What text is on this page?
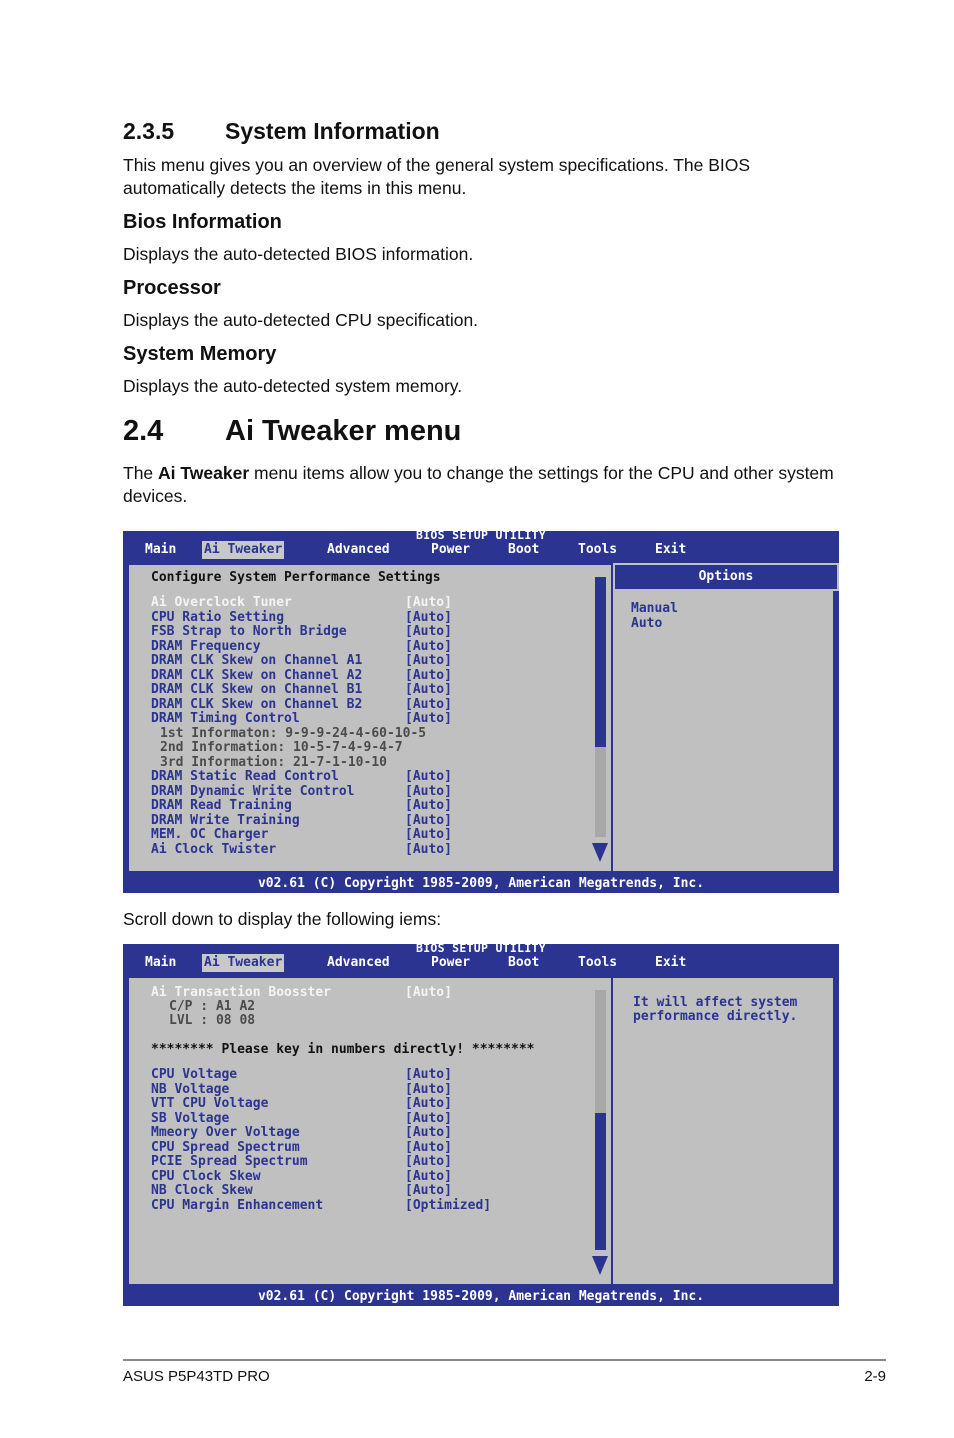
2.3.5 System Information

This menu gives you an overview of the general system specifications. The BIOS
automatically detects the items in this menu.

Bios Information

Displays the auto-detected BIOS information.

Processor

Displays the auto-detected CPU specification.

System Memory

Displays the auto-detected system memory.

2.4 Ai Tweaker menu

The Ai Tweaker menu items allow you to change the settings for the CPU and other system
devices.

BIOS SETUP UTILITY
Main Ai Tweaker	Advanced	Power	Boot	Tools	Exit
Configure System Performance Settings
Ai Overclock Tuner	[Auto]
CPU Ratio Setting	[Auto]
FSB Strap to North Bridge	[Auto]
DRAM Frequency	[Auto]
DRAM CLK Skew on Channel A1	[Auto]
DRAM CLK Skew on Channel A2	[Auto]
DRAM CLK Skew on Channel B1	[Auto]
DRAM CLK Skew on Channel B2	[Auto]
DRAM Timing Control	[Auto]
1st Informaton: 9-9-9-24-4-60-10-5
2nd Information: 10-5-7-4-9-4-7
3rd Information: 21-7-1-10-10
DRAM Static Read Control	[Auto]
DRAM Dynamic Write Control	[Auto]
DRAM Read Training	[Auto]
DRAM Write Training	[Auto]
MEM. OC Charger	[Auto]
Ai Clock Twister	[Auto]
Options
Manual
Auto
v02.61 (C) Copyright 1985-2009, American Megatrends, Inc.

Scroll down to display the following iems:

BIOS SETUP UTILITY
Main Ai Tweaker	Advanced	Power	Boot	Tools	Exit
Ai Transaction Boosster	[Auto]
C/P : A1 A2
LVL : 08 08
******** Please key in numbers directly! ********
CPU Voltage	[Auto]
NB Voltage	[Auto]
VTT CPU Voltage	[Auto]
SB Voltage	[Auto]
Mmeory Over Voltage	[Auto]
CPU Spread Spectrum	[Auto]
PCIE Spread Spectrum	[Auto]
CPU Clock Skew	[Auto]
NB Clock Skew	[Auto]
CPU Margin Enhancement	[Optimized]
It will affect system
performance directly.
v02.61 (C) Copyright 1985-2009, American Megatrends, Inc.
ASUS P5P43TD PRO	2-9
